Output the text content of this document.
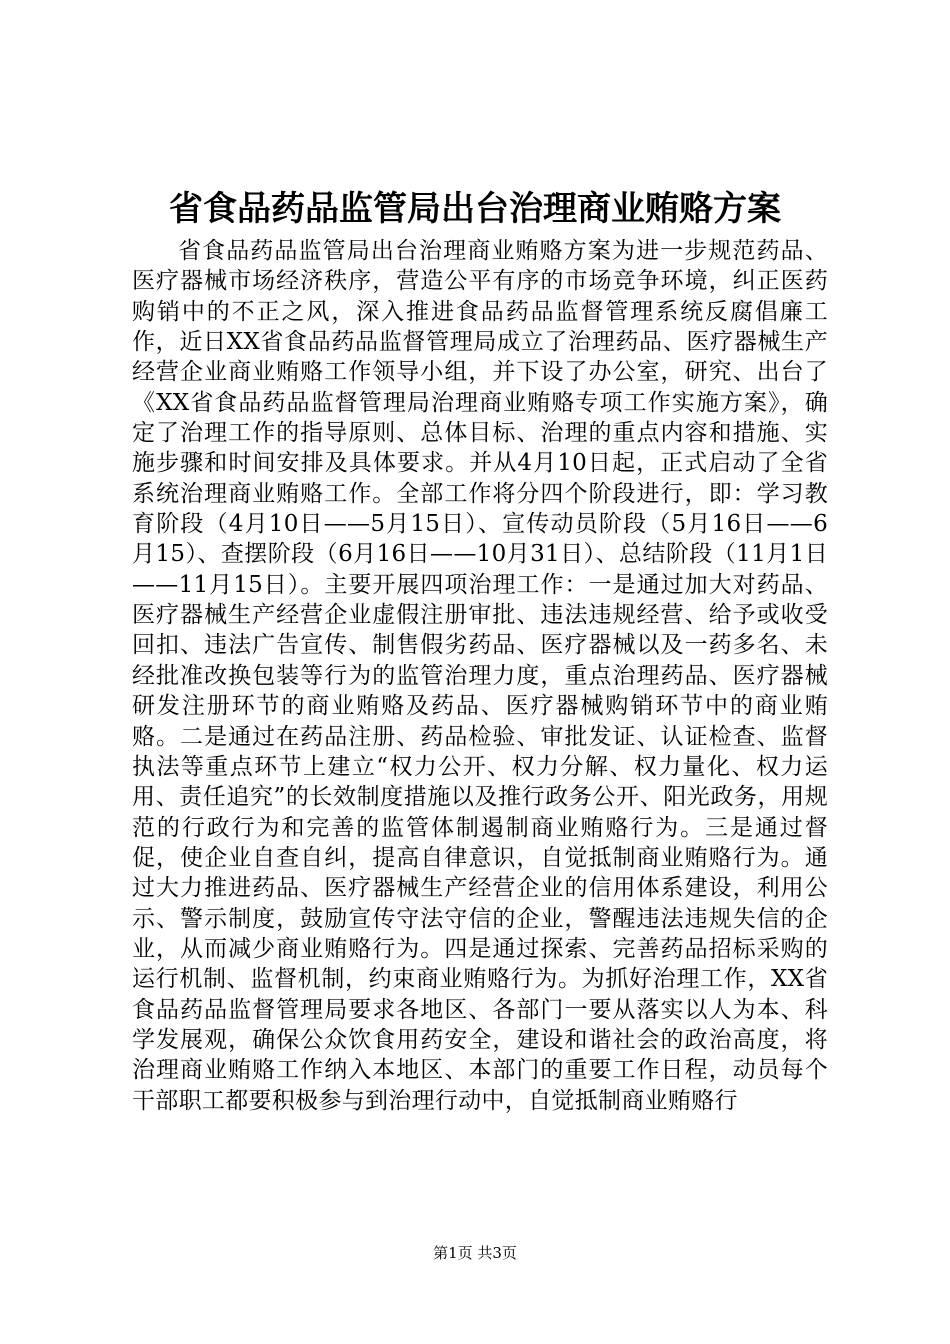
省食品药品监管局出台治理商业贿赂方案

省食品药品监管局出台治理商业贿赂方案为进一步规范药品、医疗器械市场经济秩序，营造公平有序的市场竞争环境，纠正医药购销中的不正之风，深入推进食品药品监督管理系统反腐倡廉工作，近日XX省食品药品监督管理局成立了治理药品、医疗器械生产经营企业商业贿赂工作领导小组，并下设了办公室，研究、出台了《XX省食品药品监督管理局治理商业贿赂专项工作实施方案》，确定了治理工作的指导原则、总体目标、治理的重点内容和措施、实施步骤和时间安排及具体要求。并从4月10日起，正式启动了全省系统治理商业贿赂工作。全部工作将分四个阶段进行，即：学习教育阶段（4月10日——5月15日）、宣传动员阶段（5月16日——6月15）、查摆阶段（6月16日——10月31日）、总结阶段（11月1日——11月15日）。主要开展四项治理工作：一是通过加大对药品、医疗器械生产经营企业虚假注册审批、违法违规经营、给予或收受回扣、违法广告宣传、制售假劣药品、医疗器械以及一药多名、未经批准改换包装等行为的监管治理力度，重点治理药品、医疗器械研发注册环节的商业贿赂及药品、医疗器械购销环节中的商业贿赂。二是通过在药品注册、药品检验、审批发证、认证检查、监督执法等重点环节上建立“权力公开、权力分解、权力量化、权力运用、责任追究”的长效制度措施以及推行政务公开、阳光政务，用规范的行政行为和完善的监管体制遏制商业贿赂行为。三是通过督促，使企业自查自纠，提高自律意识，自觉抵制商业贿赂行为。通过大力推进药品、医疗器械生产经营企业的信用体系建设，利用公示、警示制度，鼓励宣传守法守信的企业，警醒违法违规失信的企业，从而减少商业贿赂行为。四是通过探索、完善药品招标采购的运行机制、监督机制，约束商业贿赂行为。为抓好治理工作，XX省食品药品监督管理局要求各地区、各部门一要从落实以人为本、科学发展观，确保公众饮食用药安全，建设和谐社会的政治高度，将治理商业贿赂工作纳入本地区、本部门的重要工作日程，动员每个干部职工都要积极参与到治理行动中，自觉抵制商业贿赂行

第1页 共3页
